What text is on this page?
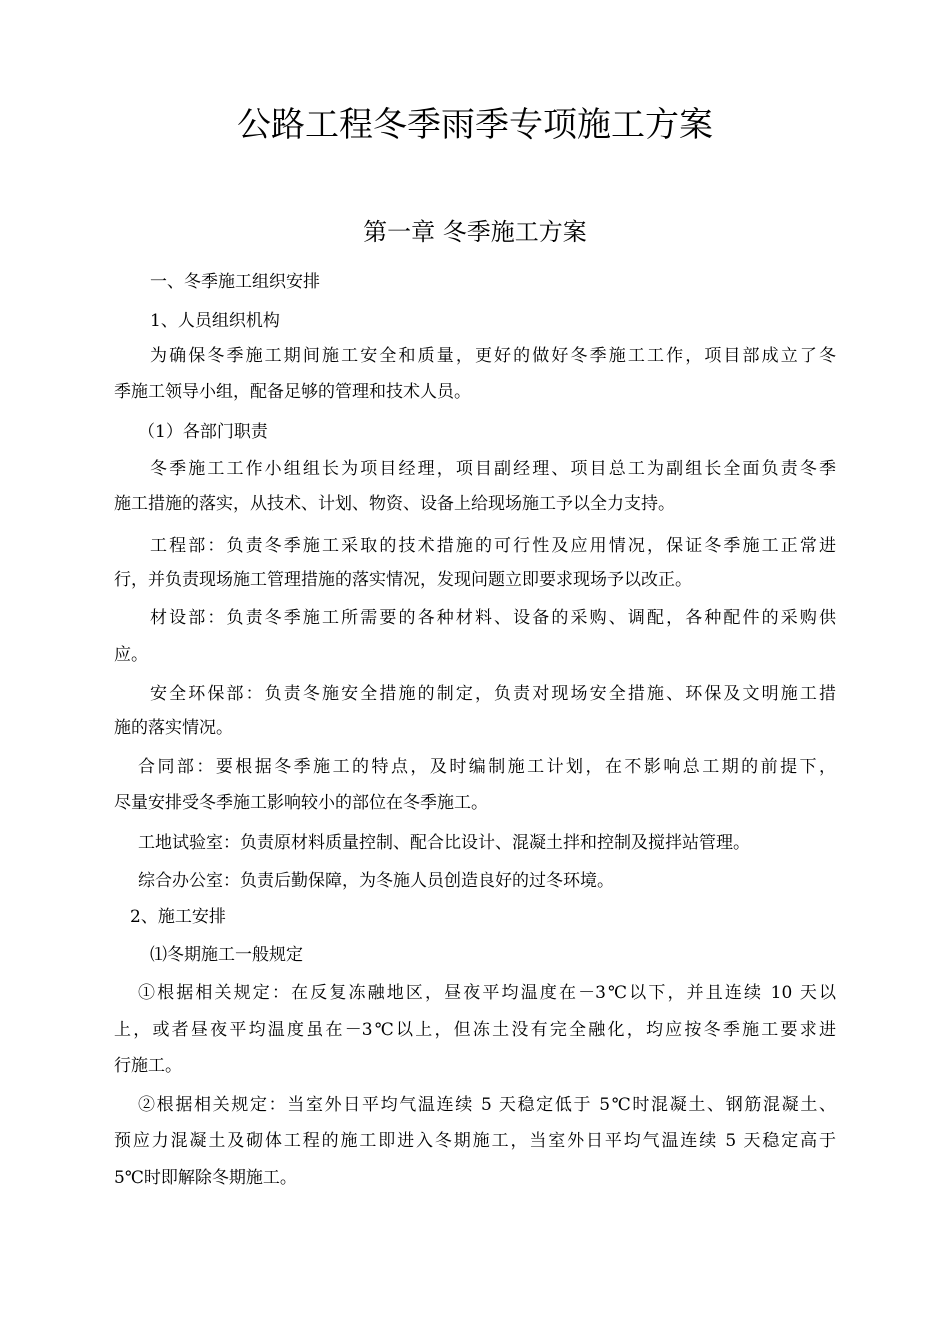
公路工程冬季雨季专项施工方案
第一章 冬季施工方案
一、冬季施工组织安排
1、人员组织机构
为确保冬季施工期间施工安全和质量，更好的做好冬季施工工作，项目部成立了冬
季施工领导小组，配备足够的管理和技术人员。
（1）各部门职责
冬季施工工作小组组长为项目经理，项目副经理、项目总工为副组长全面负责冬季
施工措施的落实，从技术、计划、物资、设备上给现场施工予以全力支持。
工程部：负责冬季施工采取的技术措施的可行性及应用情况，保证冬季施工正常进
行，并负责现场施工管理措施的落实情况，发现问题立即要求现场予以改正。
材设部：负责冬季施工所需要的各种材料、设备的采购、调配，各种配件的采购供
应。
安全环保部：负责冬施安全措施的制定，负责对现场安全措施、环保及文明施工措
施的落实情况。
合同部：要根据冬季施工的特点，及时编制施工计划，在不影响总工期的前提下，
尽量安排受冬季施工影响较小的部位在冬季施工。
工地试验室：负责原材料质量控制、配合比设计、混凝土拌和控制及搅拌站管理。
综合办公室：负责后勤保障，为冬施人员创造良好的过冬环境。
2、施工安排
⑴冬期施工一般规定
①根据相关规定：在反复冻融地区，昼夜平均温度在－3℃以下，并且连续 10 天以
上，或者昼夜平均温度虽在－3℃以上，但冻土没有完全融化，均应按冬季施工要求进
行施工。
②根据相关规定：当室外日平均气温连续 5 天稳定低于 5℃时混凝土、钢筋混凝土、
预应力混凝土及砌体工程的施工即进入冬期施工，当室外日平均气温连续 5 天稳定高于
5℃时即解除冬期施工。
